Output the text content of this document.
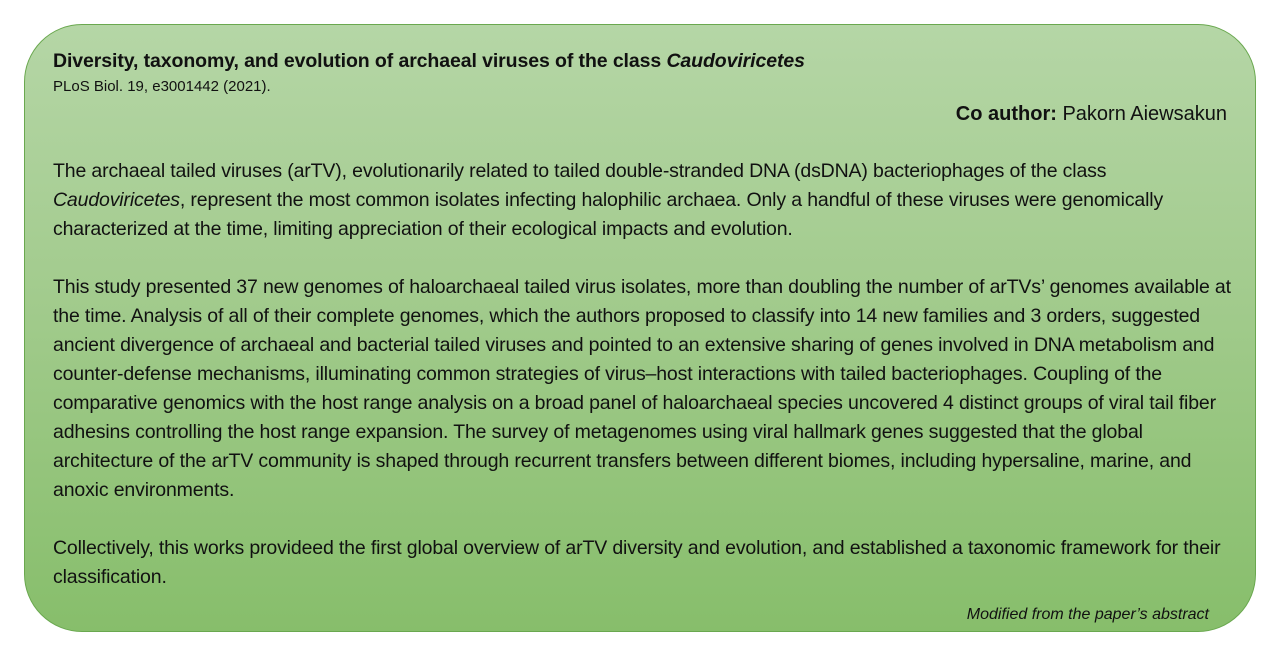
Diversity, taxonomy, and evolution of archaeal viruses of the class Caudoviricetes
PLoS Biol. 19, e3001442 (2021).
Co author: Pakorn Aiewsakun

The archaeal tailed viruses (arTV), evolutionarily related to tailed double-stranded DNA (dsDNA) bacteriophages of the class Caudoviricetes, represent the most common isolates infecting halophilic archaea. Only a handful of these viruses were genomically characterized at the time, limiting appreciation of their ecological impacts and evolution.

This study presented 37 new genomes of haloarchaeal tailed virus isolates, more than doubling the number of arTVs’ genomes available at the time. Analysis of all of their complete genomes, which the authors proposed to classify into 14 new families and 3 orders, suggested ancient divergence of archaeal and bacterial tailed viruses and pointed to an extensive sharing of genes involved in DNA metabolism and counter-defense mechanisms, illuminating common strategies of virus–host interactions with tailed bacteriophages. Coupling of the comparative genomics with the host range analysis on a broad panel of haloarchaeal species uncovered 4 distinct groups of viral tail fiber adhesins controlling the host range expansion. The survey of metagenomes using viral hallmark genes suggested that the global architecture of the arTV community is shaped through recurrent transfers between different biomes, including hypersaline, marine, and anoxic environments.

Collectively, this works provideed the first global overview of arTV diversity and evolution, and established a taxonomic framework for their classification.

Modified from the paper’s abstract
